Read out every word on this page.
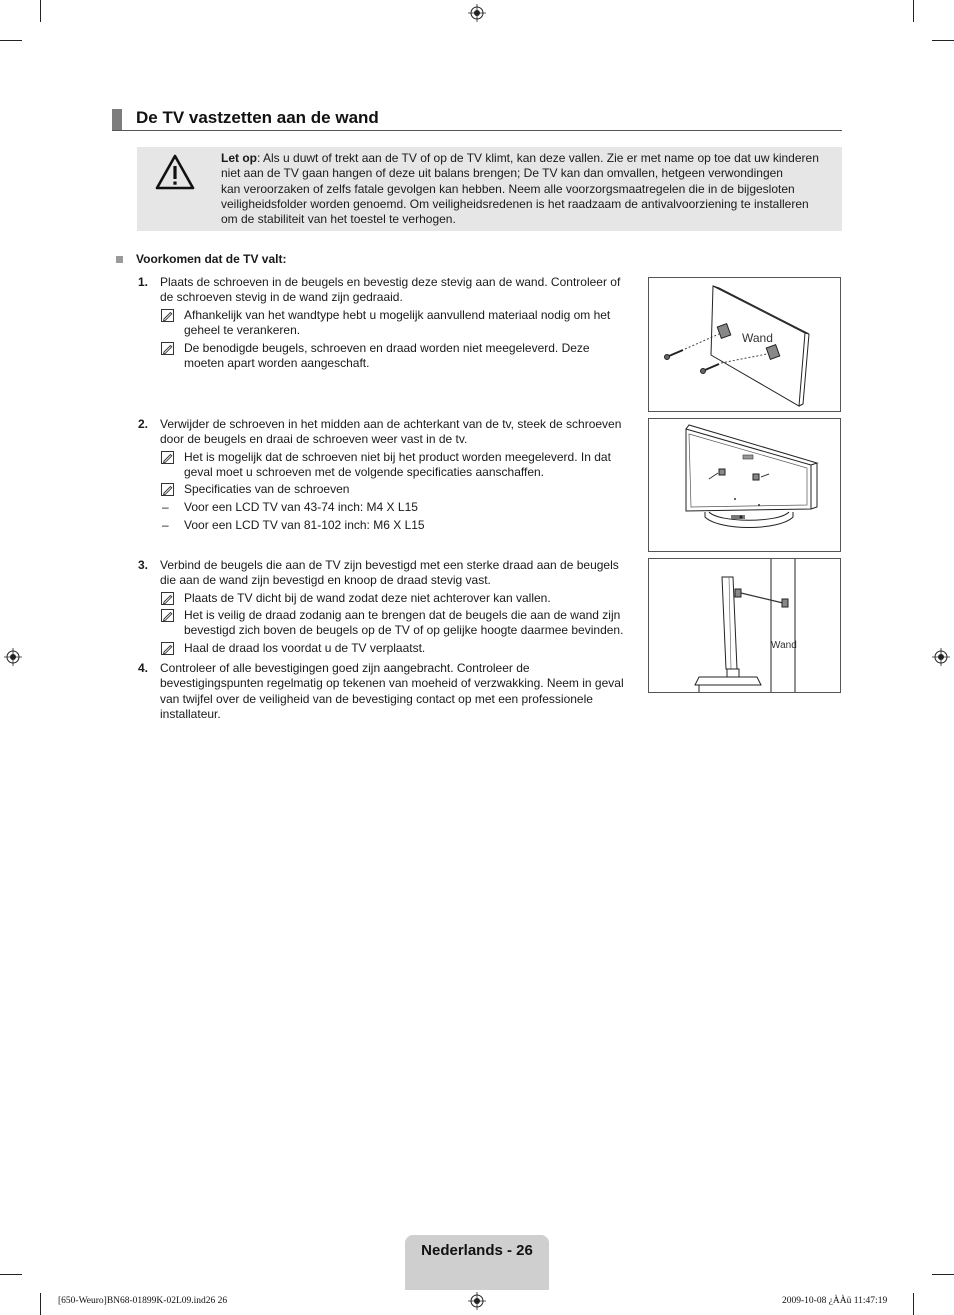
De TV vastzetten aan de wand
Let op: Als u duwt of trekt aan de TV of op de TV klimt, kan deze vallen. Zie er met name op toe dat uw kinderen
niet aan de TV gaan hangen of deze uit balans brengen; De TV kan dan omvallen, hetgeen verwondingen
kan veroorzaken of zelfs fatale gevolgen kan hebben. Neem alle voorzorgsmaatregelen die in de bijgesloten
veiligheidsfolder worden genoemd. Om veiligheidsredenen is het raadzaam de antivalvoorziening te installeren
om de stabiliteit van het toestel te verhogen.
Voorkomen dat de TV valt:
1. Plaats de schroeven in de beugels en bevestig deze stevig aan de wand. Controleer of
de schroeven stevig in de wand zijn gedraaid.
Afhankelijk van het wandtype hebt u mogelijk aanvullend materiaal nodig om het
geheel te verankeren.
De benodigde beugels, schroeven en draad worden niet meegeleverd. Deze
moeten apart worden aangeschaft.
2. Verwijder de schroeven in het midden aan de achterkant van de tv, steek de schroeven
door de beugels en draai de schroeven weer vast in de tv.
Het is mogelijk dat de schroeven niet bij het product worden meegeleverd. In dat
geval moet u schroeven met de volgende specificaties aanschaffen.
Specificaties van de schroeven
– Voor een LCD TV van 43-74 inch: M4 X L15
– Voor een LCD TV van 81-102 inch: M6 X L15
3. Verbind de beugels die aan de TV zijn bevestigd met een sterke draad aan de beugels
die aan de wand zijn bevestigd en knoop de draad stevig vast.
Plaats de TV dicht bij de wand zodat deze niet achterover kan vallen.
Het is veilig de draad zodanig aan te brengen dat de beugels die aan de wand zijn
bevestigd zich boven de beugels op de TV of op gelijke hoogte daarmee bevinden.
Haal de draad los voordat u de TV verplaatst.
4. Controleer of alle bevestigingen goed zijn aangebracht. Controleer de
bevestigingspunten regelmatig op tekenen van moeheid of verzwakking. Neem in geval
van twijfel over de veiligheid van de bevestiging contact op met een professionele
installateur.
Wand
Wand
Nederlands - 26
[650-Weuro]BN68-01899K-02L09.ind26 26	2009-10-08 ¿ÀÀü 11:47:19
